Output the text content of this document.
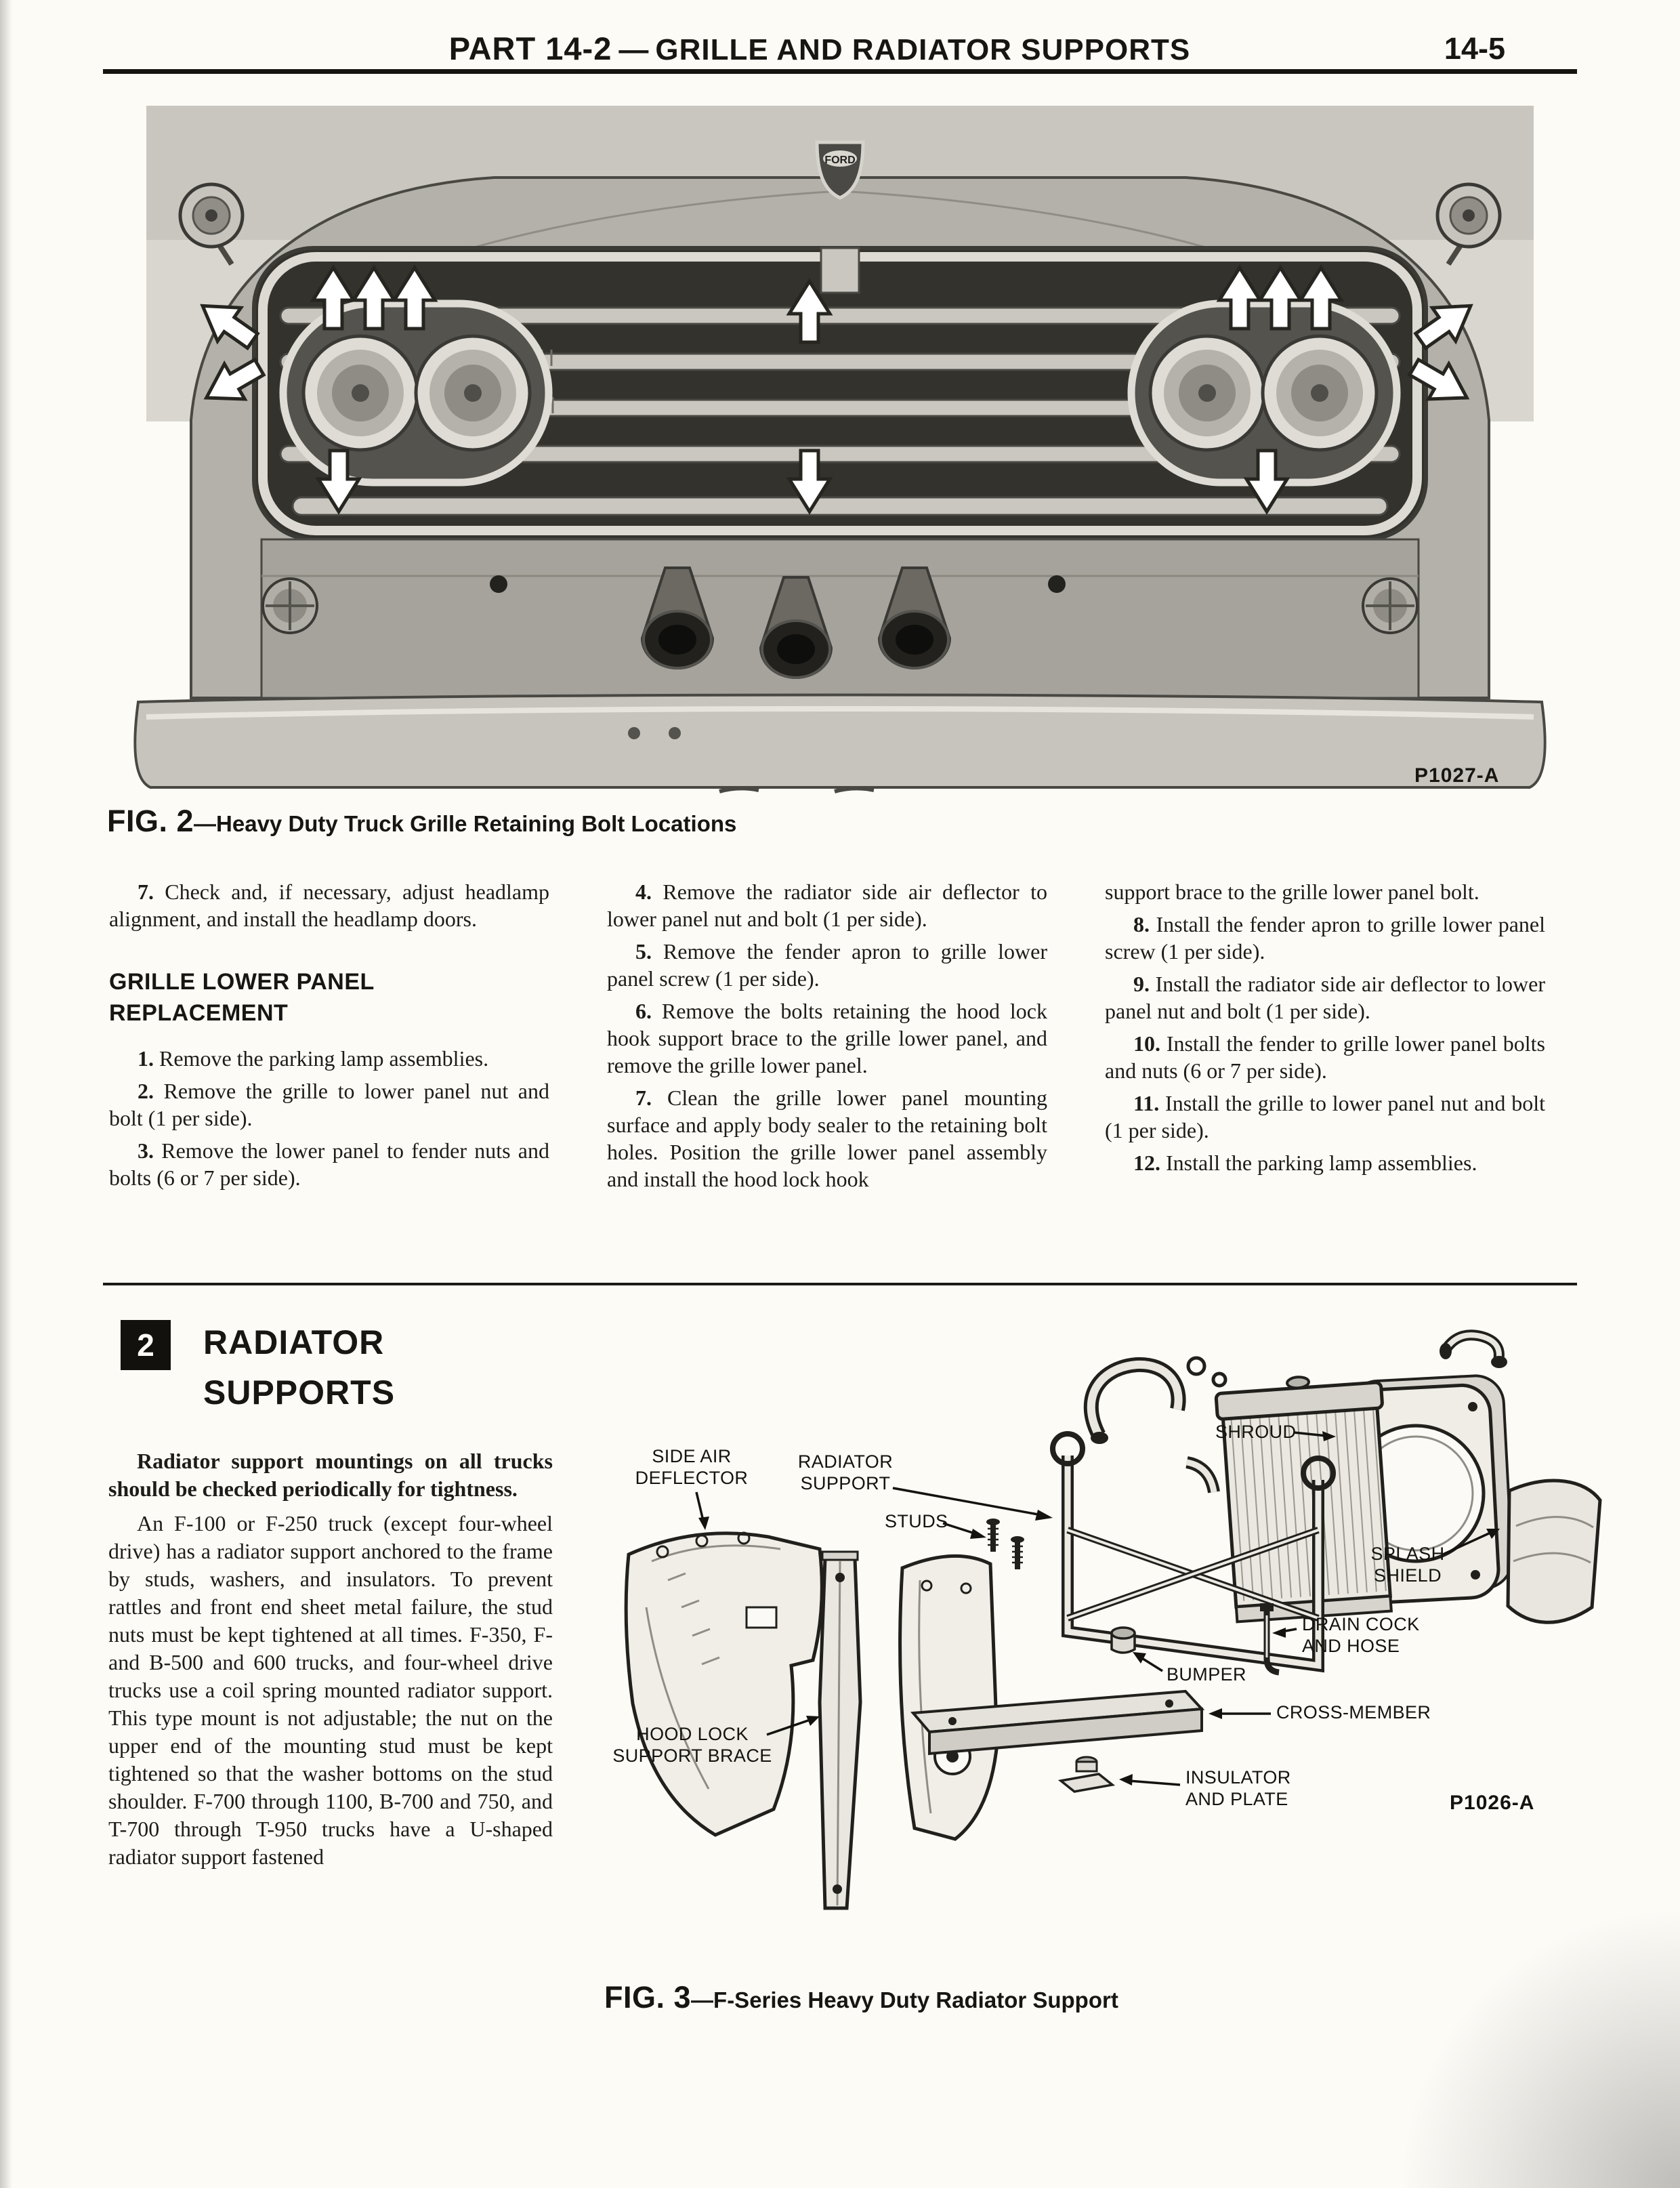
PART 14-2 — GRILLE AND RADIATOR SUPPORTS	14-5
FORD
P1027-A
FIG. 2—Heavy Duty Truck Grille Retaining Bolt Locations

7. Check and, if necessary, adjust headlamp alignment, and install the headlamp doors.

GRILLE LOWER PANEL REPLACEMENT

1. Remove the parking lamp assemblies.

2. Remove the grille to lower panel nut and bolt (1 per side).

3. Remove the lower panel to fender nuts and bolts (6 or 7 per side).

4. Remove the radiator side air deflector to lower panel nut and bolt (1 per side).

5. Remove the fender apron to grille lower panel screw (1 per side).

6. Remove the bolts retaining the hood lock hook support brace to the grille lower panel, and remove the grille lower panel.

7. Clean the grille lower panel mounting surface and apply body sealer to the retaining bolt holes. Position the grille lower panel assembly and install the hood lock hook

support brace to the grille lower panel bolt.

8. Install the fender apron to grille lower panel screw (1 per side).

9. Install the radiator side air deflector to lower panel nut and bolt (1 per side).

10. Install the fender to grille lower panel bolts and nuts (6 or 7 per side).

11. Install the grille to lower panel nut and bolt (1 per side).

12. Install the parking lamp assemblies.

2	RADIATOR SUPPORTS

Radiator support mountings on all trucks should be checked periodically for tightness.

An F-100 or F-250 truck (except four-wheel drive) has a radiator support anchored to the frame by studs, washers, and insulators. To prevent rattles and front end sheet metal failure, the stud nuts must be kept tightened at all times. F-350, F- and B-500 and 600 trucks, and four-wheel drive trucks use a coil spring mounted radiator support. This type mount is not adjustable; the nut on the upper end of the mounting stud must be kept tightened so that the washer bottoms on the stud shoulder. F-700 through 1100, B-700 and 750, and T-700 through T-950 trucks have a U-shaped radiator support fastened

SHROUD
SIDE AIR
DEFLECTOR
RADIATOR
SUPPORT
STUDS
SPLASH
SHIELD
DRAIN COCK
AND HOSE
BUMPER
HOOD LOCK
SUPPORT BRACE
CROSS-MEMBER
INSULATOR
AND PLATE	P1026-A
FIG. 3—F-Series Heavy Duty Radiator Support
